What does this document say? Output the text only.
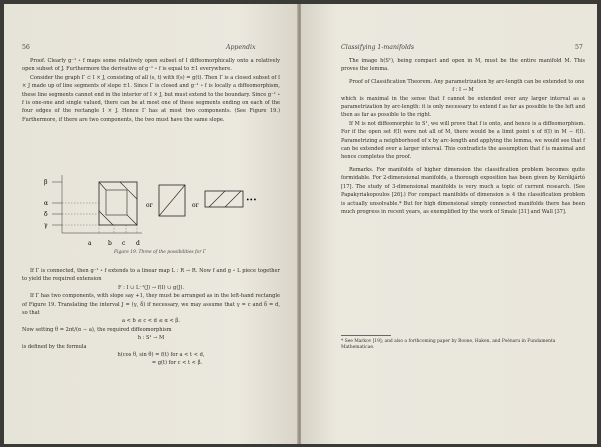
56	Appendix

Proof. Clearly g⁻¹ ∘ f maps some relatively open subset of I diffeomorphically onto a relatively open subset of J. Furthermore the derivative of g⁻¹ ∘ f is equal to ±1 everywhere.

Consider the graph Γ ⊂ I × J, consisting of all (s, t) with f(s) = g(t). Then Γ is a closed subset of I × J made up of line segments of slope ±1. Since Γ is closed and g⁻¹ ∘ f is locally a diffeomorphism, these line segments cannot end in the interior of I × J, but must extend to the boundary. Since g⁻¹ ∘ f is one-one and single valued, there can be at most one of these segments ending on each of the four edges of the rectangle I × J. Hence Γ has at most two components. (See Figure 19.) Furthermore, if there are two components, the two must have the same slope.

β
α
δ
γ
a	b c d
or	or
•••
Figure 19. Three of the possibilities for Γ

If Γ is connected, then g⁻¹ ∘ f extends to a linear map L : R → R. Now f and g ∘ L piece together to yield the required extension

F : I ∪ L⁻¹(J) → f(I) ∪ g(J).

If Γ has two components, with slope say +1, they must be arranged as in the left-hand rectangle of Figure 19. Translating the interval J = (γ, δ) if necessary, we may assume that γ = c and δ = d, so that

a < b ≤ c < d ≤ α < β.

Now setting θ = 2πt/(α − a), the required diffeomorphism

h : S¹ → M

is defined by the formula

h(cos θ, sin θ) = f(t) for a < t < d,

= g(t) for c < t < β.

Classifying 1-manifolds	57

The image h(S¹), being compact and open in M, must be the entire manifold M. This proves the lemma.

Proof of Classification Theorem. Any parametrization by arc-length can be extended to one

f : I → M

which is maximal in the sense that f cannot be extended over any larger interval as a parametrization by arc-length: it is only necessary to extend f as far as possible to the left and then as far as possible to the right.

If M is not diffeomorphic to S¹, we will prove that f is onto, and hence is a diffeomorphism. For if the open set f(I) were not all of M, there would be a limit point x of f(I) in M − f(I). Parametrizing a neighborhood of x by arc-length and applying the lemma, we would see that f can be extended over a larger interval. This contradicts the assumption that f is maximal and hence completes the proof.

Remarks. For manifolds of higher dimension the classification problem becomes quite formidable. For 2-dimensional manifolds, a thorough exposition has been given by Kerékjártó [17]. The study of 3-dimensional manifolds is very much a topic of current research. (See Papakyriakopoulos [26].) For compact manifolds of dimension ≥ 4 the classification problem is actually unsolvable.* But for high dimensional simply connected manifolds there has been much progress in recent years, as exemplified by the work of Smale [31] and Wall [37].

* See Markov [19]; and also a forthcoming paper by Boone, Haken, and Poénaru in Fundamenta Mathematicae.
